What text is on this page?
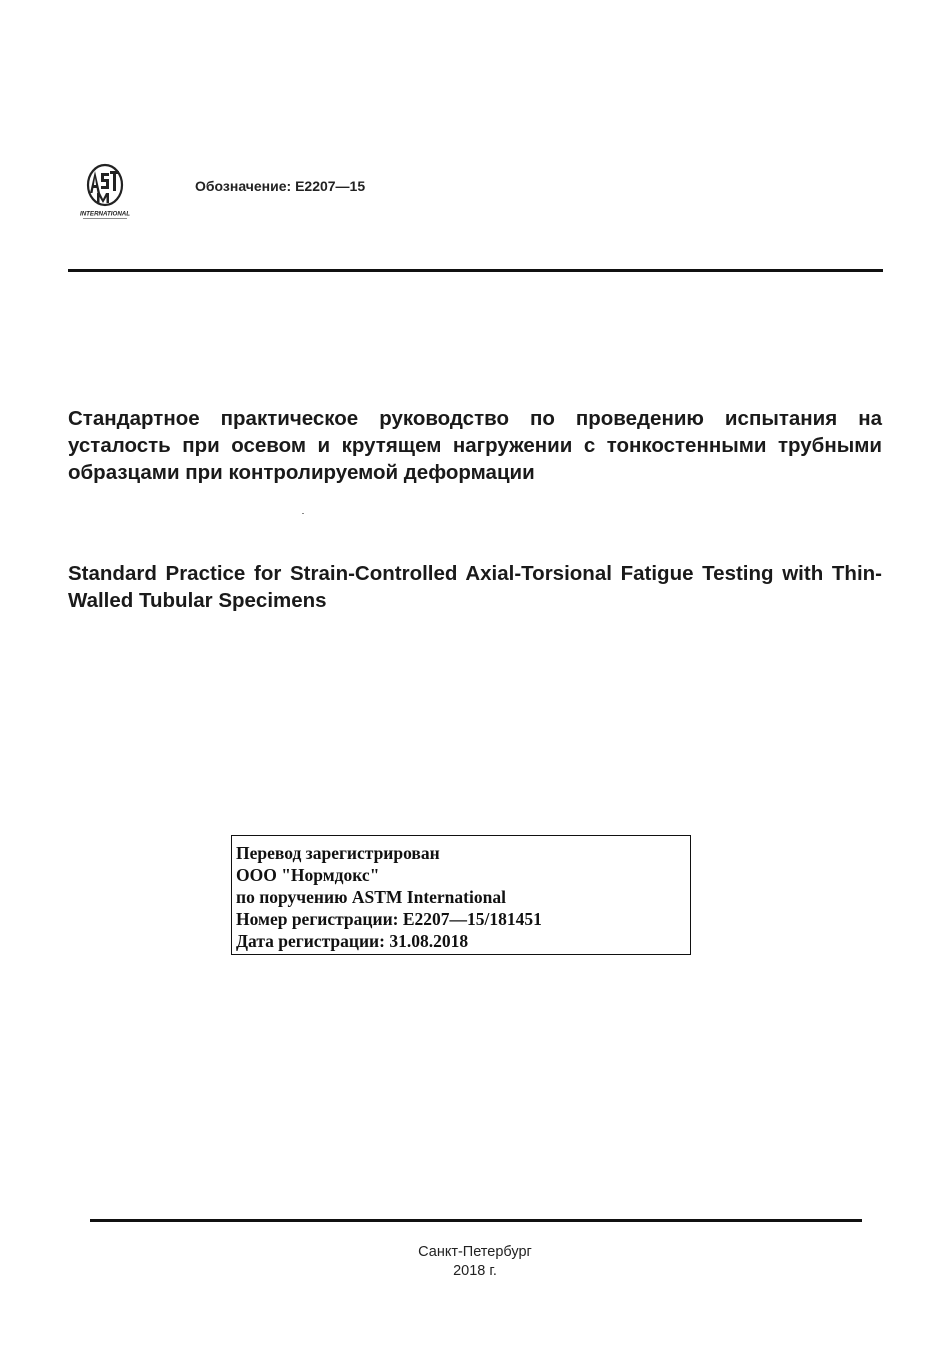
INTERNATIONAL
Обозначение: E2207—15
Стандартное практическое руководство по проведению испытания на усталость при осевом и крутящем нагружении с тонкостенными трубными образцами при контролируемой деформации
Standard Practice for Strain-Controlled Axial-Torsional Fatigue Testing with Thin-Walled Tubular Specimens
Перевод зарегистрирован
ООО "Нормдокс"
по поручению ASTM International
Номер регистрации: E2207—15/181451
Дата регистрации: 31.08.2018
Санкт-Петербург
2018 г.
